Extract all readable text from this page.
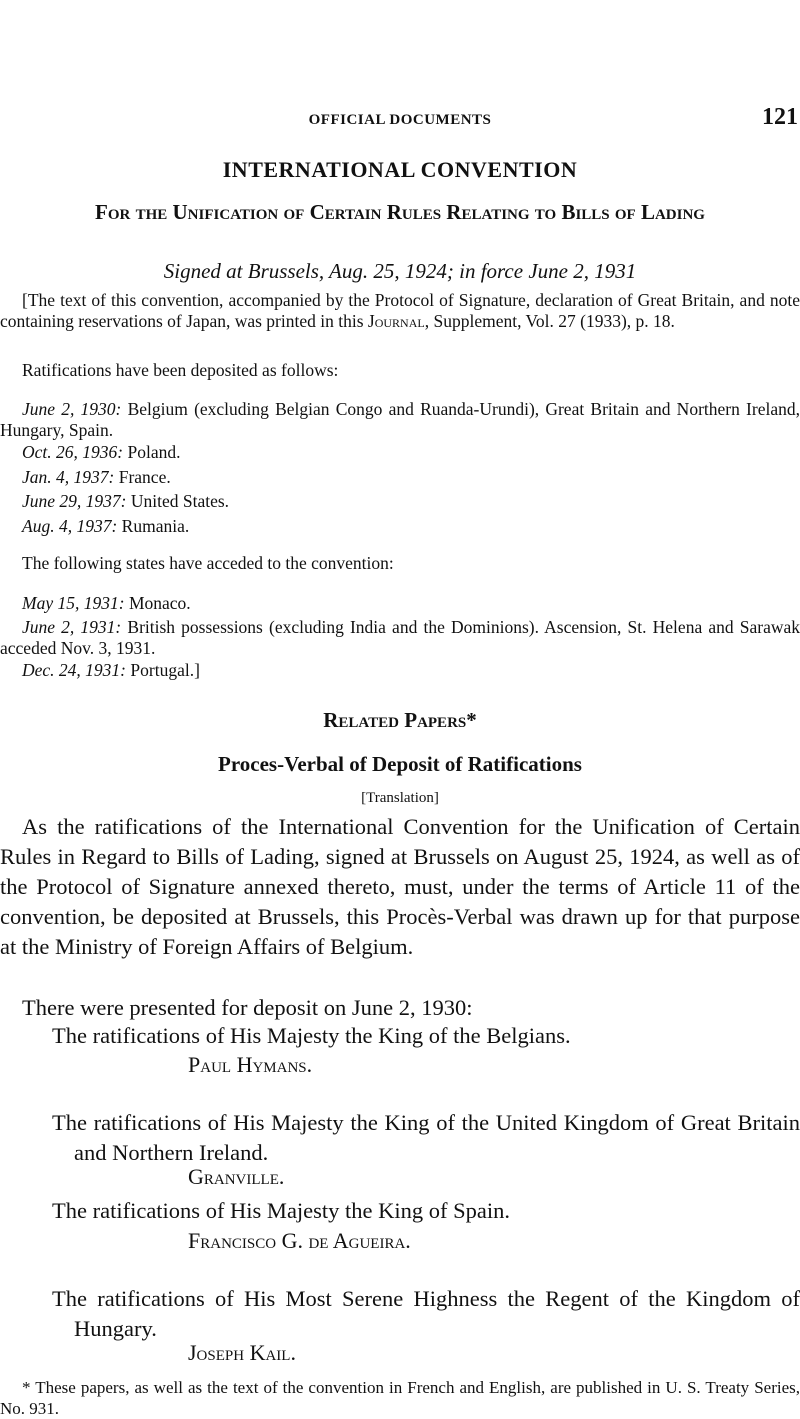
OFFICIAL DOCUMENTS	121
INTERNATIONAL CONVENTION
For the Unification of Certain Rules Relating to Bills of Lading
Signed at Brussels, Aug. 25, 1924; in force June 2, 1931
[The text of this convention, accompanied by the Protocol of Signature, declaration of Great Britain, and note containing reservations of Japan, was printed in this Journal, Supplement, Vol. 27 (1933), p. 18.
Ratifications have been deposited as follows:
June 2, 1930: Belgium (excluding Belgian Congo and Ruanda-Urundi), Great Britain and Northern Ireland, Hungary, Spain.
Oct. 26, 1936: Poland.
Jan. 4, 1937: France.
June 29, 1937: United States.
Aug. 4, 1937: Rumania.
The following states have acceded to the convention:
May 15, 1931: Monaco.
June 2, 1931: British possessions (excluding India and the Dominions). Ascension, St. Helena and Sarawak acceded Nov. 3, 1931.
Dec. 24, 1931: Portugal.]
Related Papers*
Proces-Verbal of Deposit of Ratifications
[Translation]
As the ratifications of the International Convention for the Unification of Certain Rules in Regard to Bills of Lading, signed at Brussels on August 25, 1924, as well as of the Protocol of Signature annexed thereto, must, under the terms of Article 11 of the convention, be deposited at Brussels, this Procès-Verbal was drawn up for that purpose at the Ministry of Foreign Affairs of Belgium.
There were presented for deposit on June 2, 1930:
The ratifications of His Majesty the King of the Belgians.
Paul Hymans.
The ratifications of His Majesty the King of the United Kingdom of Great Britain and Northern Ireland.
Granville.
The ratifications of His Majesty the King of Spain.
Francisco G. de Agueira.
The ratifications of His Most Serene Highness the Regent of the Kingdom of Hungary.
Joseph Kail.
* These papers, as well as the text of the convention in French and English, are published in U. S. Treaty Series, No. 931.
